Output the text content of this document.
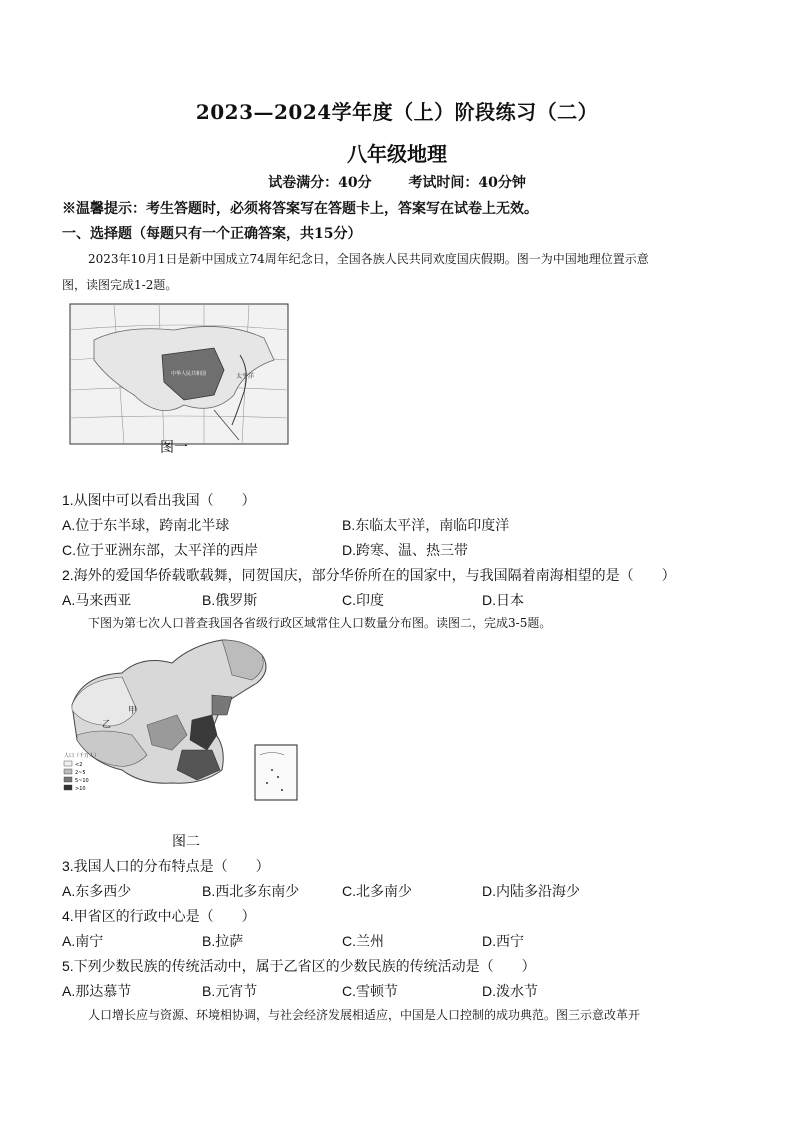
2023—2024学年度（上）阶段练习（二）
八年级地理
试卷满分：40分	考试时间：40分钟
※温馨提示：考生答题时，必须将答案写在答题卡上，答案写在试卷上无效。
一、选择题（每题只有一个正确答案，共15分）
2023年10月1日是新中国成立74周年纪念日，全国各族人民共同欢度国庆假期。图一为中国地理位置示意
图，读图完成1-2题。
中华人民共和国	太平洋
图一
1.从图中可以看出我国（　　）
A.位于东半球，跨南北半球	B.东临太平洋，南临印度洋
C.位于亚洲东部，太平洋的西岸	D.跨寒、温、热三带
2.海外的爱国华侨载歌载舞，同贺国庆，部分华侨所在的国家中，与我国隔着南海相望的是（　　）
A.马来西亚	B.俄罗斯	C.印度	D.日本
下图为第七次人口普查我国各省级行政区域常住人口数量分布图。读图二，完成3-5题。
乙
甲
人口（千万人）
<2
2~5
5~10
>10
图二
3.我国人口的分布特点是（　　）
A.东多西少	B.西北多东南少	C.北多南少	D.内陆多沿海少
4.甲省区的行政中心是（　　）
A.南宁	B.拉萨	C.兰州	D.西宁
5.下列少数民族的传统活动中，属于乙省区的少数民族的传统活动是（　　）
A.那达慕节	B.元宵节	C.雪顿节	D.泼水节
人口增长应与资源、环境相协调，与社会经济发展相适应，中国是人口控制的成功典范。图三示意改革开
